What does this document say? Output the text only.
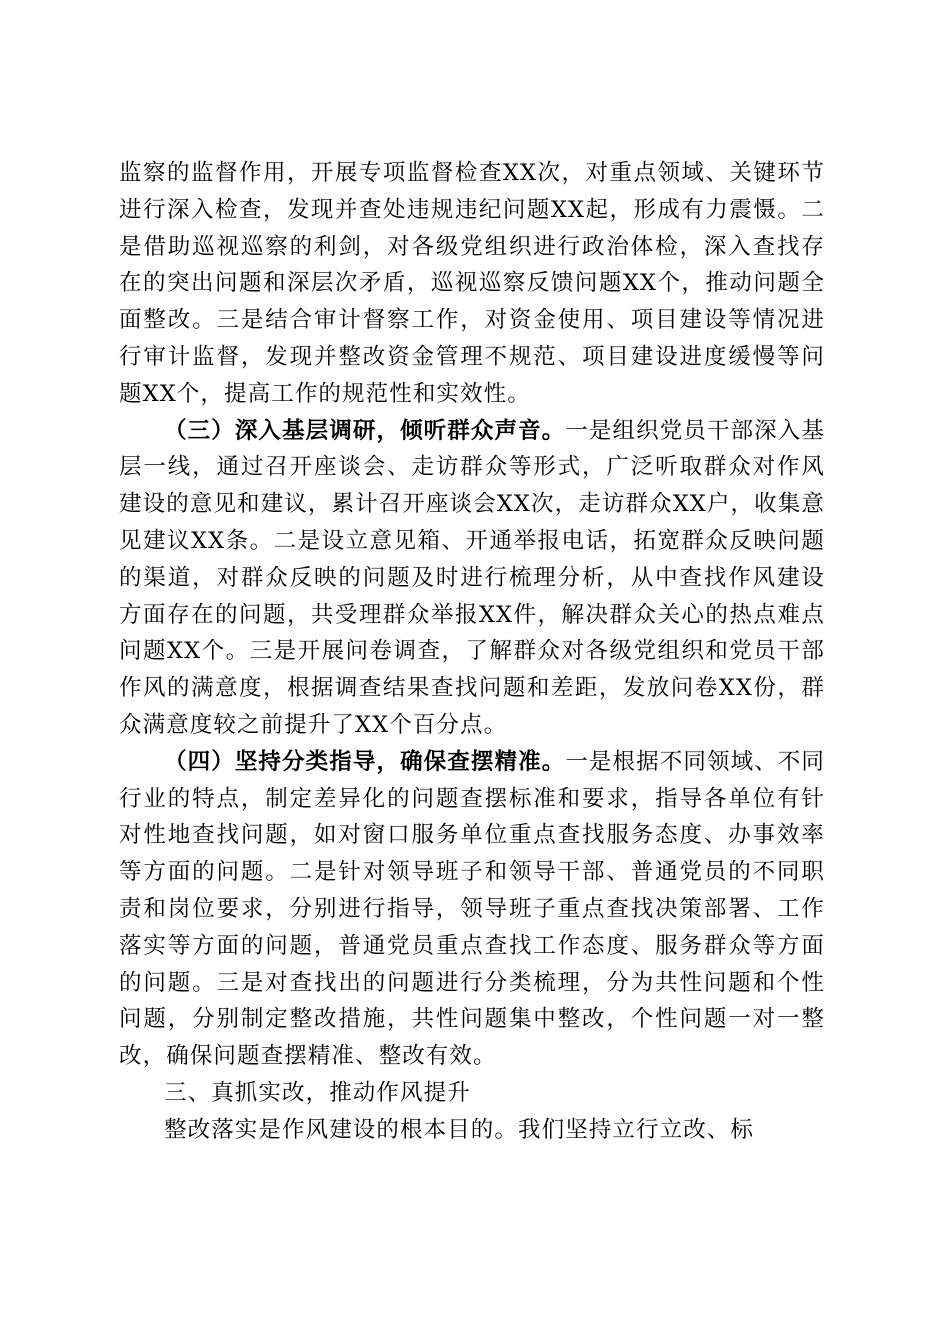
监察的监督作用，开展专项监督检查XX次，对重点领域、关键环节进行深入检查，发现并查处违规违纪问题XX起，形成有力震慑。二是借助巡视巡察的利剑，对各级党组织进行政治体检，深入查找存在的突出问题和深层次矛盾，巡视巡察反馈问题XX个，推动问题全面整改。三是结合审计督察工作，对资金使用、项目建设等情况进行审计监督，发现并整改资金管理不规范、项目建设进度缓慢等问题XX个，提高工作的规范性和实效性。

（三）深入基层调研，倾听群众声音。一是组织党员干部深入基层一线，通过召开座谈会、走访群众等形式，广泛听取群众对作风建设的意见和建议，累计召开座谈会XX次，走访群众XX户，收集意见建议XX条。二是设立意见箱、开通举报电话，拓宽群众反映问题的渠道，对群众反映的问题及时进行梳理分析，从中查找作风建设方面存在的问题，共受理群众举报XX件，解决群众关心的热点难点问题XX个。三是开展问卷调查，了解群众对各级党组织和党员干部作风的满意度，根据调查结果查找问题和差距，发放问卷XX份，群众满意度较之前提升了XX个百分点。

（四）坚持分类指导，确保查摆精准。一是根据不同领域、不同行业的特点，制定差异化的问题查摆标准和要求，指导各单位有针对性地查找问题，如对窗口服务单位重点查找服务态度、办事效率等方面的问题。二是针对领导班子和领导干部、普通党员的不同职责和岗位要求，分别进行指导，领导班子重点查找决策部署、工作落实等方面的问题，普通党员重点查找工作态度、服务群众等方面的问题。三是对查找出的问题进行分类梳理，分为共性问题和个性问题，分别制定整改措施，共性问题集中整改，个性问题一对一整改，确保问题查摆精准、整改有效。

三、真抓实改，推动作风提升

整改落实是作风建设的根本目的。我们坚持立行立改、标
